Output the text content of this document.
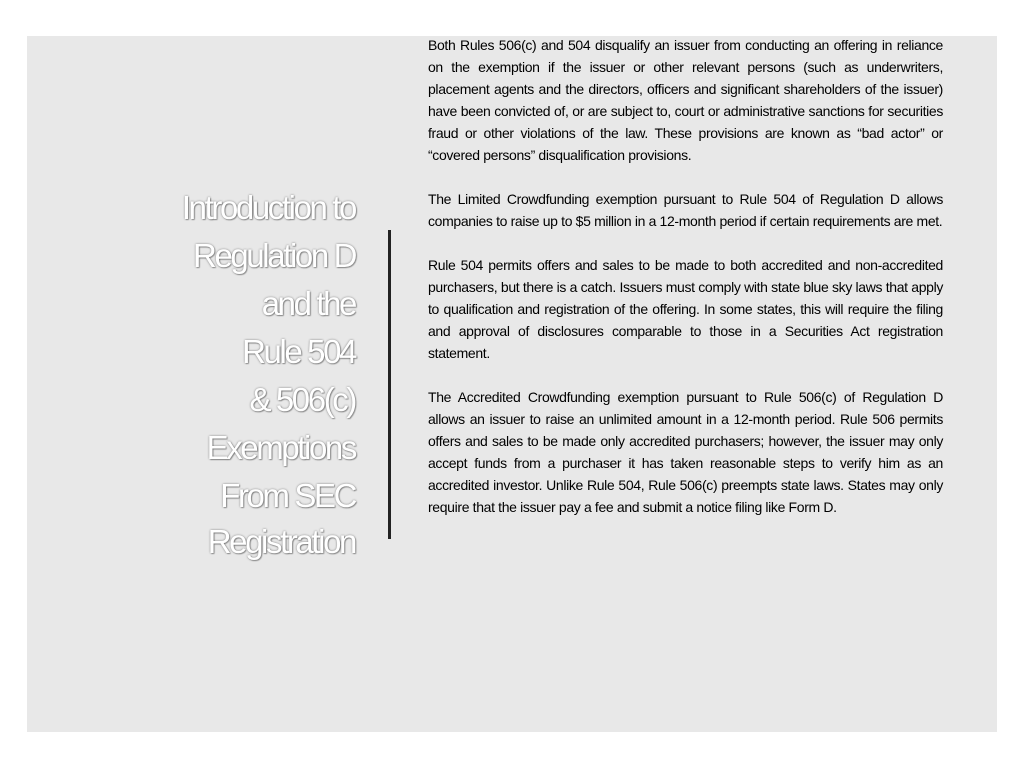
Introduction to
Regulation D
and the
Rule 504
& 506(c)
Exemptions
From SEC
Registration

Both Rules 506(c) and 504 disqualify an issuer from conducting an offering in reliance on the exemption if the issuer or other relevant persons (such as underwriters, placement agents and the directors, officers and significant shareholders of the issuer) have been convicted of, or are subject to, court or administrative sanctions for securities fraud or other violations of the law. These provisions are known as “bad actor” or “covered persons” disqualification provisions.

The Limited Crowdfunding exemption pursuant to Rule 504 of Regulation D allows companies to raise up to $5 million in a 12-month period if certain requirements are met.

Rule 504 permits offers and sales to be made to both accredited and non-accredited purchasers, but there is a catch. Issuers must comply with state blue sky laws that apply to qualification and registration of the offering. In some states, this will require the filing and approval of disclosures comparable to those in a Securities Act registration statement.

The Accredited Crowdfunding exemption pursuant to Rule 506(c) of Regulation D allows an issuer to raise an unlimited amount in a 12-month period. Rule 506 permits offers and sales to be made only accredited purchasers; however, the issuer may only accept funds from a purchaser it has taken reasonable steps to verify him as an accredited investor. Unlike Rule 504, Rule 506(c) preempts state laws. States may only require that the issuer pay a fee and submit a notice filing like Form D.
